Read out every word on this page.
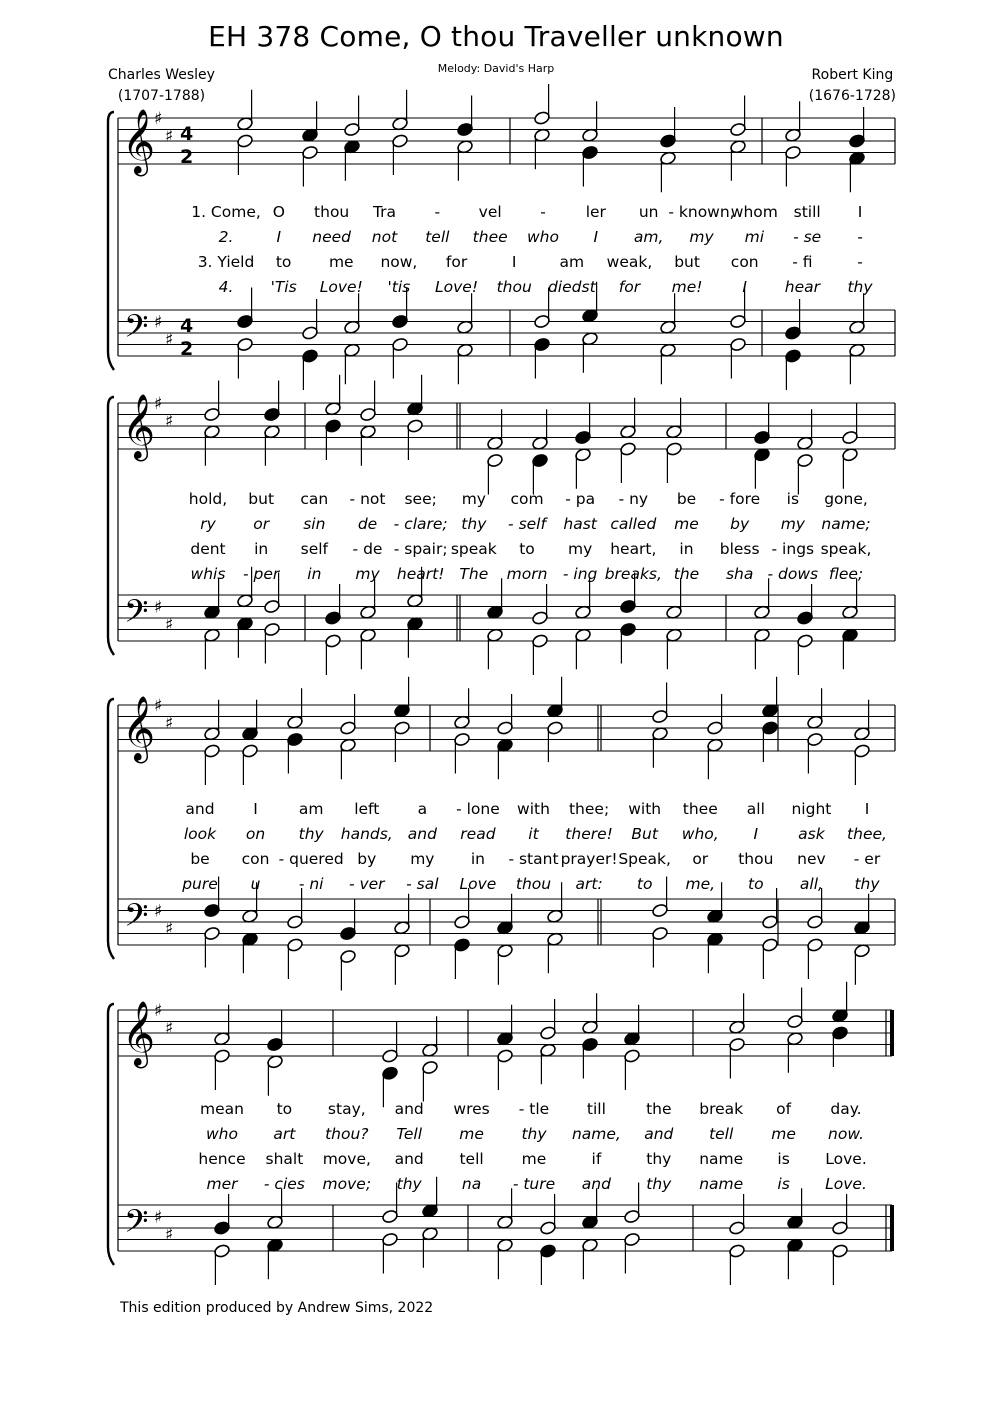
EH 378 Come, O thou Traveller unknown
Melody: David's Harp
Charles Wesley
(1707-1788)
Robert King
(1676-1728)
𝄞
𝄢
♯
♯
♯
♯
4
2
4
2
𝄞
𝄢
♯
♯
♯
♯
𝄞
𝄢
♯
♯
♯
♯
𝄞
𝄢
♯
♯
♯
♯
1. Come, O thou Tra - vel -	ler un - known,
whom still I
2.	I need not tell thee who I am, my mi - se -
3. Yield to me now, for	I	am weak, but con - fi	-
4. 'Tis Love! 'tis Love! thou diedst for me!	I hear thy
hold, but can - not see; my com - pa - ny be - fore is gone,
ry or sin de - clare; thy - self hast called me by my name;
dent in self - de - spair; speak to my heart, in bless - ings speak,
whis - per in my heart! The morn - ing breaks, the sha - dows flee;
and I	am left a - lone with thee; with thee all night I
look on thy hands, and read it there! But who, I	ask thee,
be con - quered by my in - stant prayer! Speak, or thou nev - er
pure u - ni - ver - sal Love thou art: to me, to all, thy
mean to stay, and wres - tle till	the break of	day.
who art thou? Tell me thy name, and tell me now.
hence shalt move, and tell me	if	thy name is Love.
mer - cies move; thy	na - ture and thy name is Love.
This edition produced by Andrew Sims, 2022
